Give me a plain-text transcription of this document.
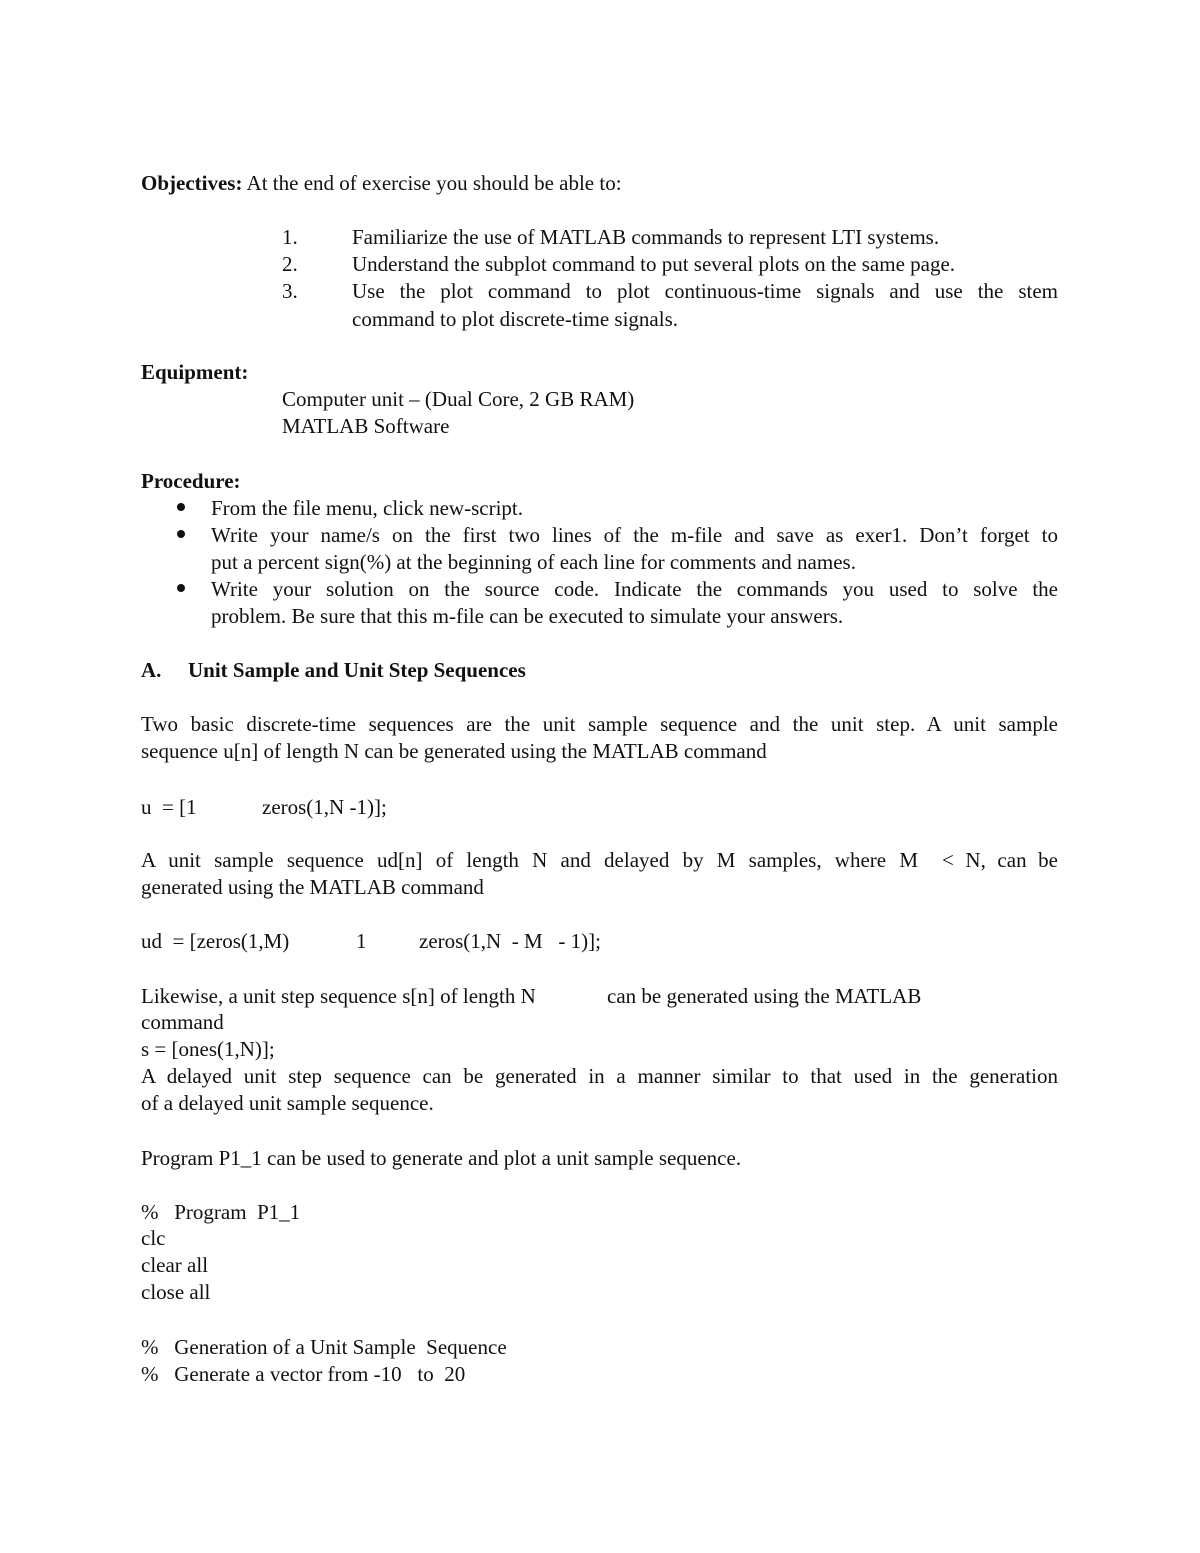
Objectives: At the end of exercise you should be able to:
1.	Familiarize the use of MATLAB commands to represent LTI systems.
2.	Understand the subplot command to put several plots on the same page.
3.	Use the plot command to plot continuous-time signals and use the stem
command to plot discrete-time signals.
Equipment:
Computer unit – (Dual Core, 2 GB RAM)
MATLAB Software
Procedure:
From the file menu, click new-script.
Write your name/s on the first two lines of the m-file and save as exer1. Don’t forget to
put a percent sign(%) at the beginning of each line for comments and names.
Write your solution on the source code. Indicate the commands you used to solve the
problem. Be sure that this m-file can be executed to simulate your answers.
A. Unit Sample and Unit Step Sequences
Two basic discrete-time sequences are the unit sample sequence and the unit step. A unit sample
sequence u[n] of length N can be generated using the MATLAB command
u  = [1	zeros(1,N -1)];
A unit sample sequence ud[n] of length N and delayed by M samples, where M < N, can be
generated using the MATLAB command
ud  = [zeros(1,M)	1	zeros(1,N  - M   - 1)];
Likewise, a unit step sequence s[n] of length N	can be generated using the MATLAB
command
s = [ones(1,N)];
A delayed unit step sequence can be generated in a manner similar to that used in the generation
of a delayed unit sample sequence.
Program P1_1 can be used to generate and plot a unit sample sequence.
%   Program  P1_1
clc
clear all
close all
%   Generation of a Unit Sample  Sequence
%   Generate a vector from -10   to  20
